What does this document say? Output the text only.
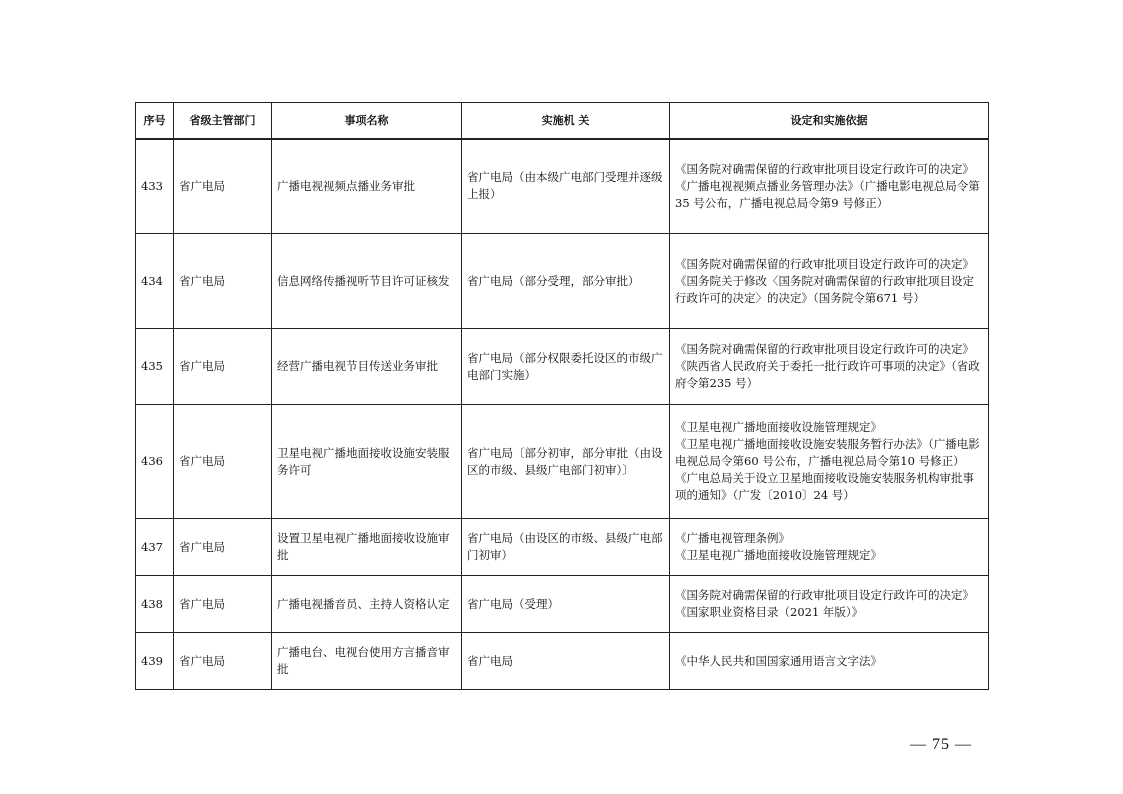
序号	省级主管部门	事项名称	实施机 关	设定和实施依据
433	省广电局	广播电视视频点播业务审批	省广电局（由本级广电部门受理并逐级上报）	《国务院对确需保留的行政审批项目设定行政许可的决定》
《广播电视视频点播业务管理办法》（广播电影电视总局令第35 号公布，广播电视总局令第9 号修正）

434	省广电局	信息网络传播视听节目许可证核发	省广电局（部分受理，部分审批）	《国务院对确需保留的行政审批项目设定行政许可的决定》
《国务院关于修改〈国务院对确需保留的行政审批项目设定行政许可的决定〉的决定》（国务院令第671 号）

435	省广电局	经营广播电视节目传送业务审批	省广电局（部分权限委托设区的市级广电部门实施）	《国务院对确需保留的行政审批项目设定行政许可的决定》
《陕西省人民政府关于委托一批行政许可事项的决定》（省政府令第235 号）

436	省广电局	卫星电视广播地面接收设施安装服务许可	省广电局〔部分初审，部分审批（由设区的市级、县级广电部门初审）〕	《卫星电视广播地面接收设施管理规定》
《卫星电视广播地面接收设施安装服务暂行办法》（广播电影电视总局令第60 号公布，广播电视总局令第10 号修正）
《广电总局关于设立卫星地面接收设施安装服务机构审批事项的通知》（广发〔2010〕24 号）

437	省广电局	设置卫星电视广播地面接收设施审批	省广电局（由设区的市级、县级广电部门初审）	《广播电视管理条例》
《卫星电视广播地面接收设施管理规定》

438	省广电局	广播电视播音员、主持人资格认定	省广电局（受理）	《国务院对确需保留的行政审批项目设定行政许可的决定》
《国家职业资格目录（2021 年版）》

439	省广电局	广播电台、电视台使用方言播音审批	省广电局	《中华人民共和国国家通用语言文字法》
— 75 —
